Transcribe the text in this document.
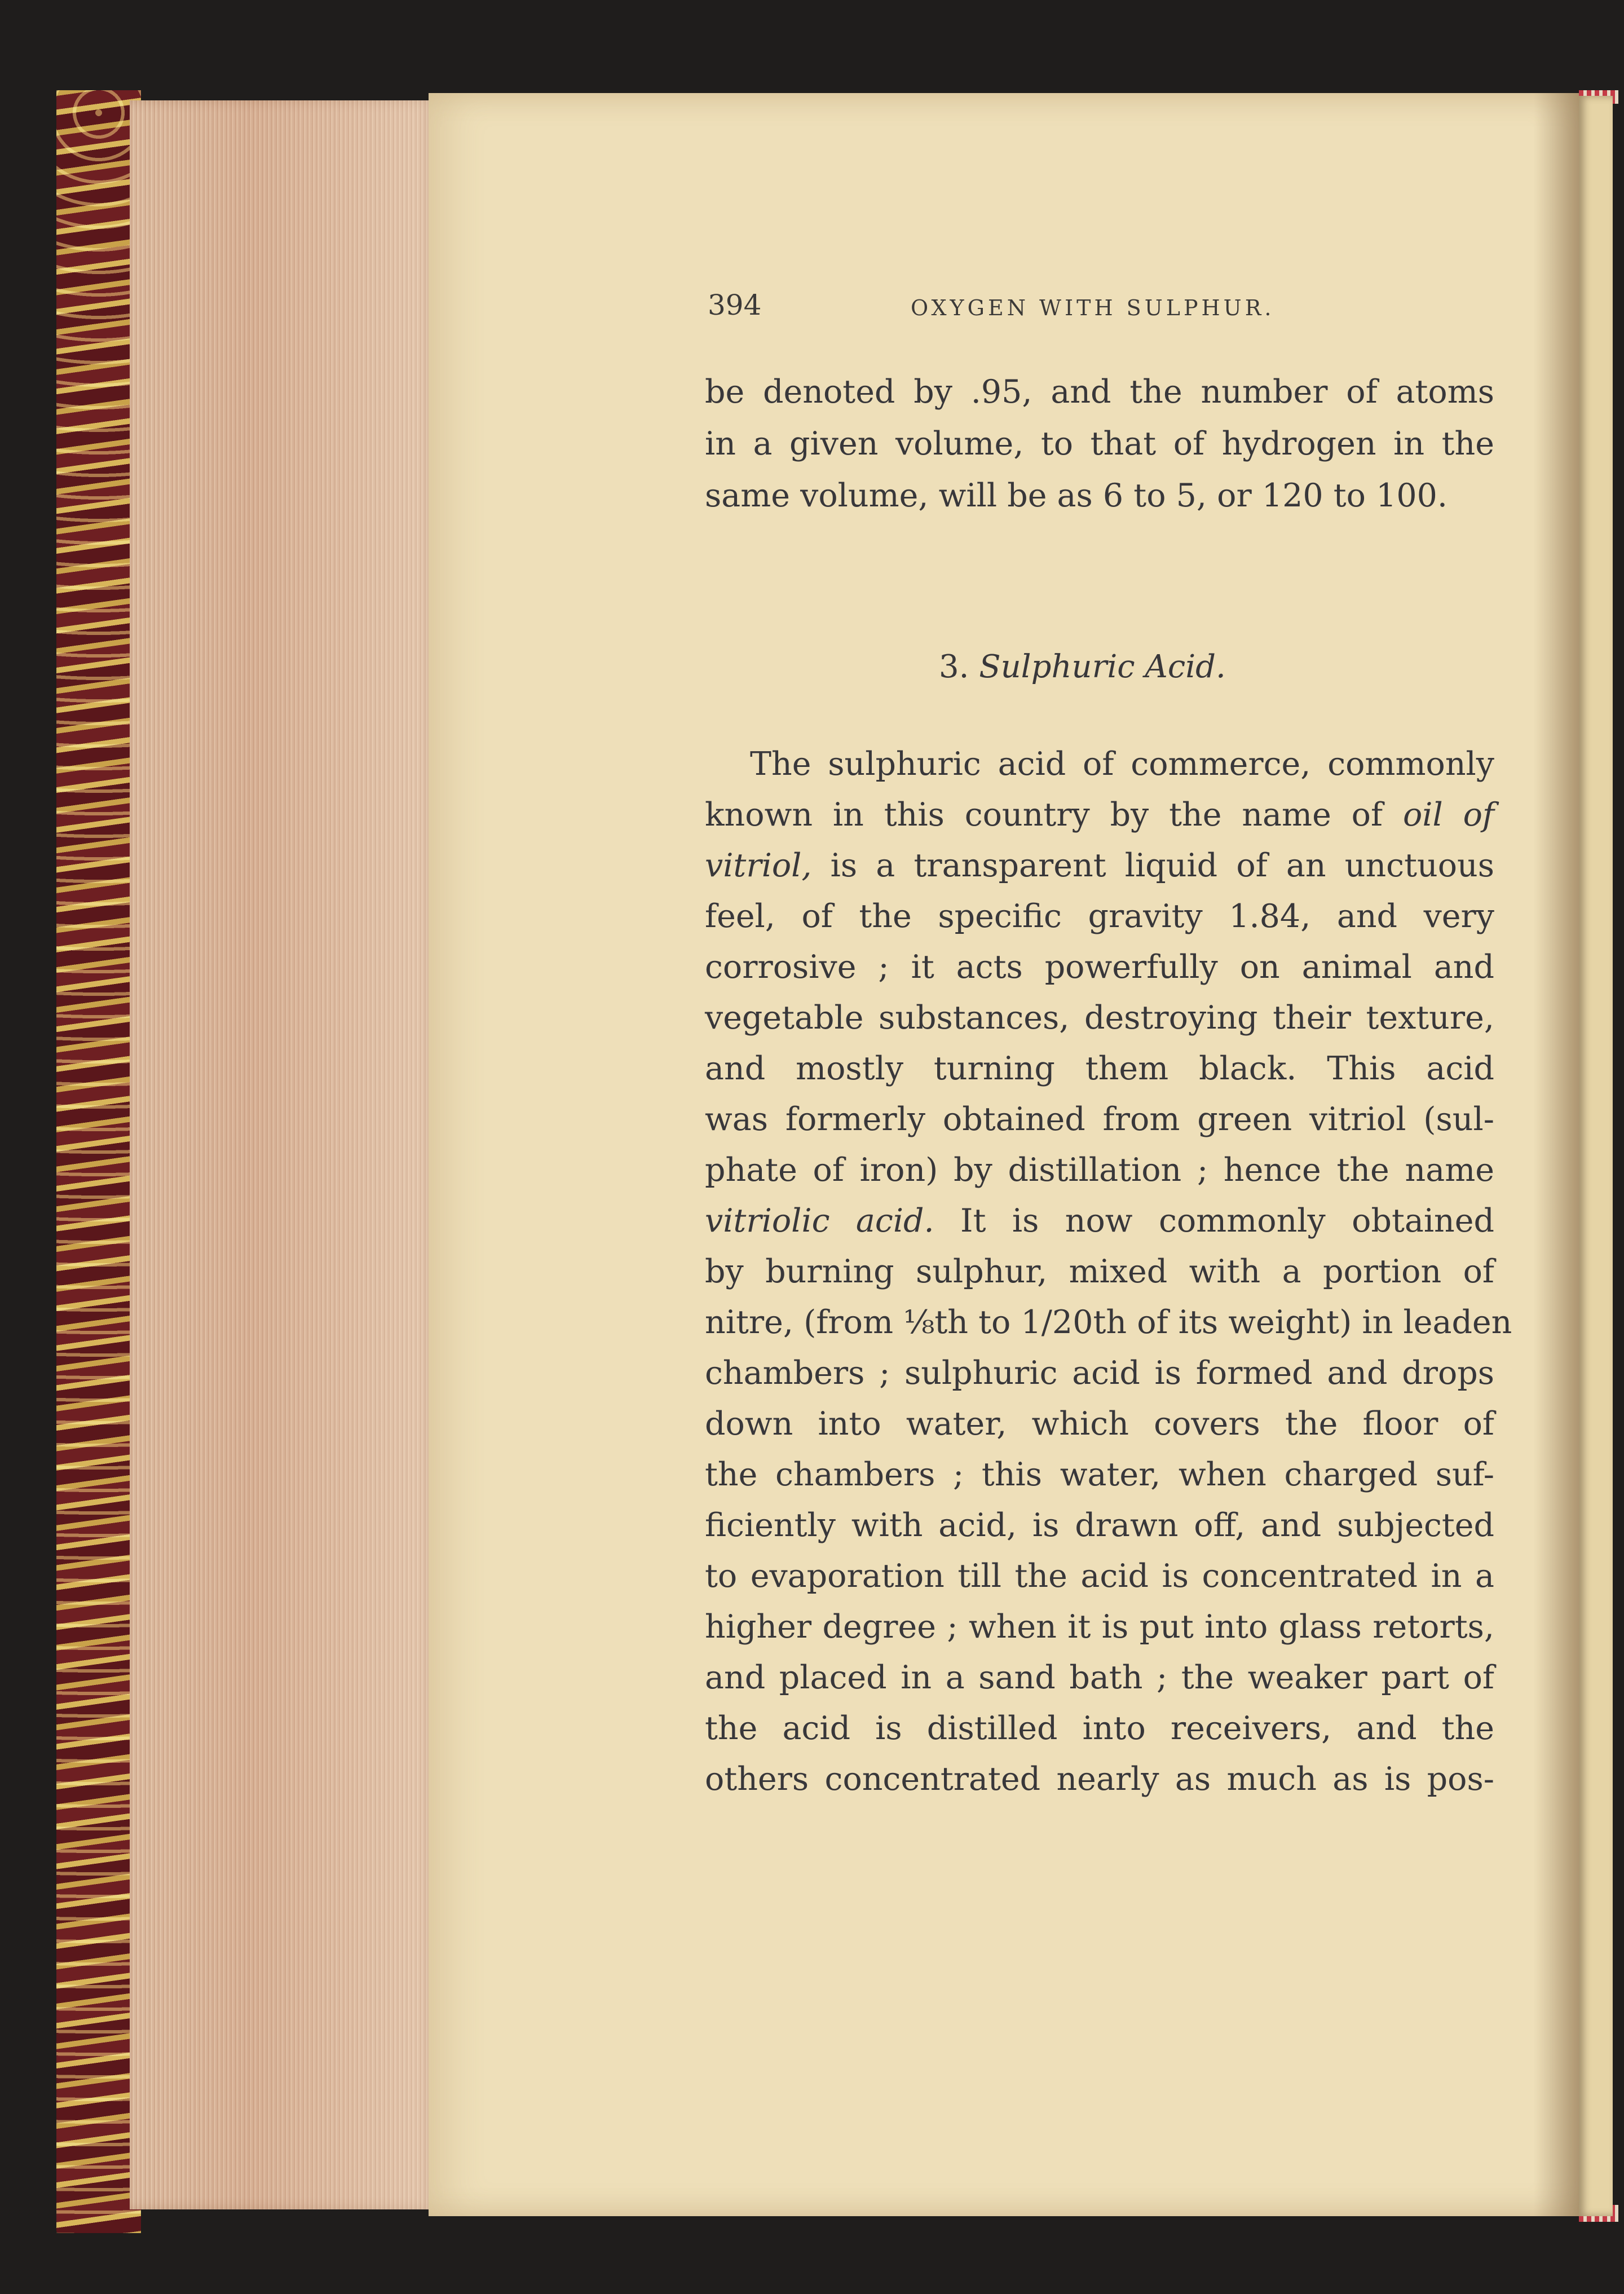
394	OXYGEN WITH SULPHUR.
be denoted by .95, and the number of atoms
in a given volume, to that of hydrogen in the
same volume, will be as 6 to 5, or 120 to 100.
3. Sulphuric Acid.
The sulphuric acid of commerce, commonly
known in this country by the name of oil of
vitriol, is a transparent liquid of an unctuous
feel, of the specific gravity 1.84, and very
corrosive ; it acts powerfully on animal and
vegetable substances, destroying their texture,
and mostly turning them black. This acid
was formerly obtained from green vitriol (sul-
phate of iron) by distillation ; hence the name
vitriolic acid. It is now commonly obtained
by burning sulphur, mixed with a portion of
nitre, (from ⅛th to 1/20th of its weight) in leaden
chambers ; sulphuric acid is formed and drops
down into water, which covers the floor of
the chambers ; this water, when charged suf-
ficiently with acid, is drawn off, and subjected
to evaporation till the acid is concentrated in a
higher degree ; when it is put into glass retorts,
and placed in a sand bath ; the weaker part of
the acid is distilled into receivers, and the
others concentrated nearly as much as is pos-
